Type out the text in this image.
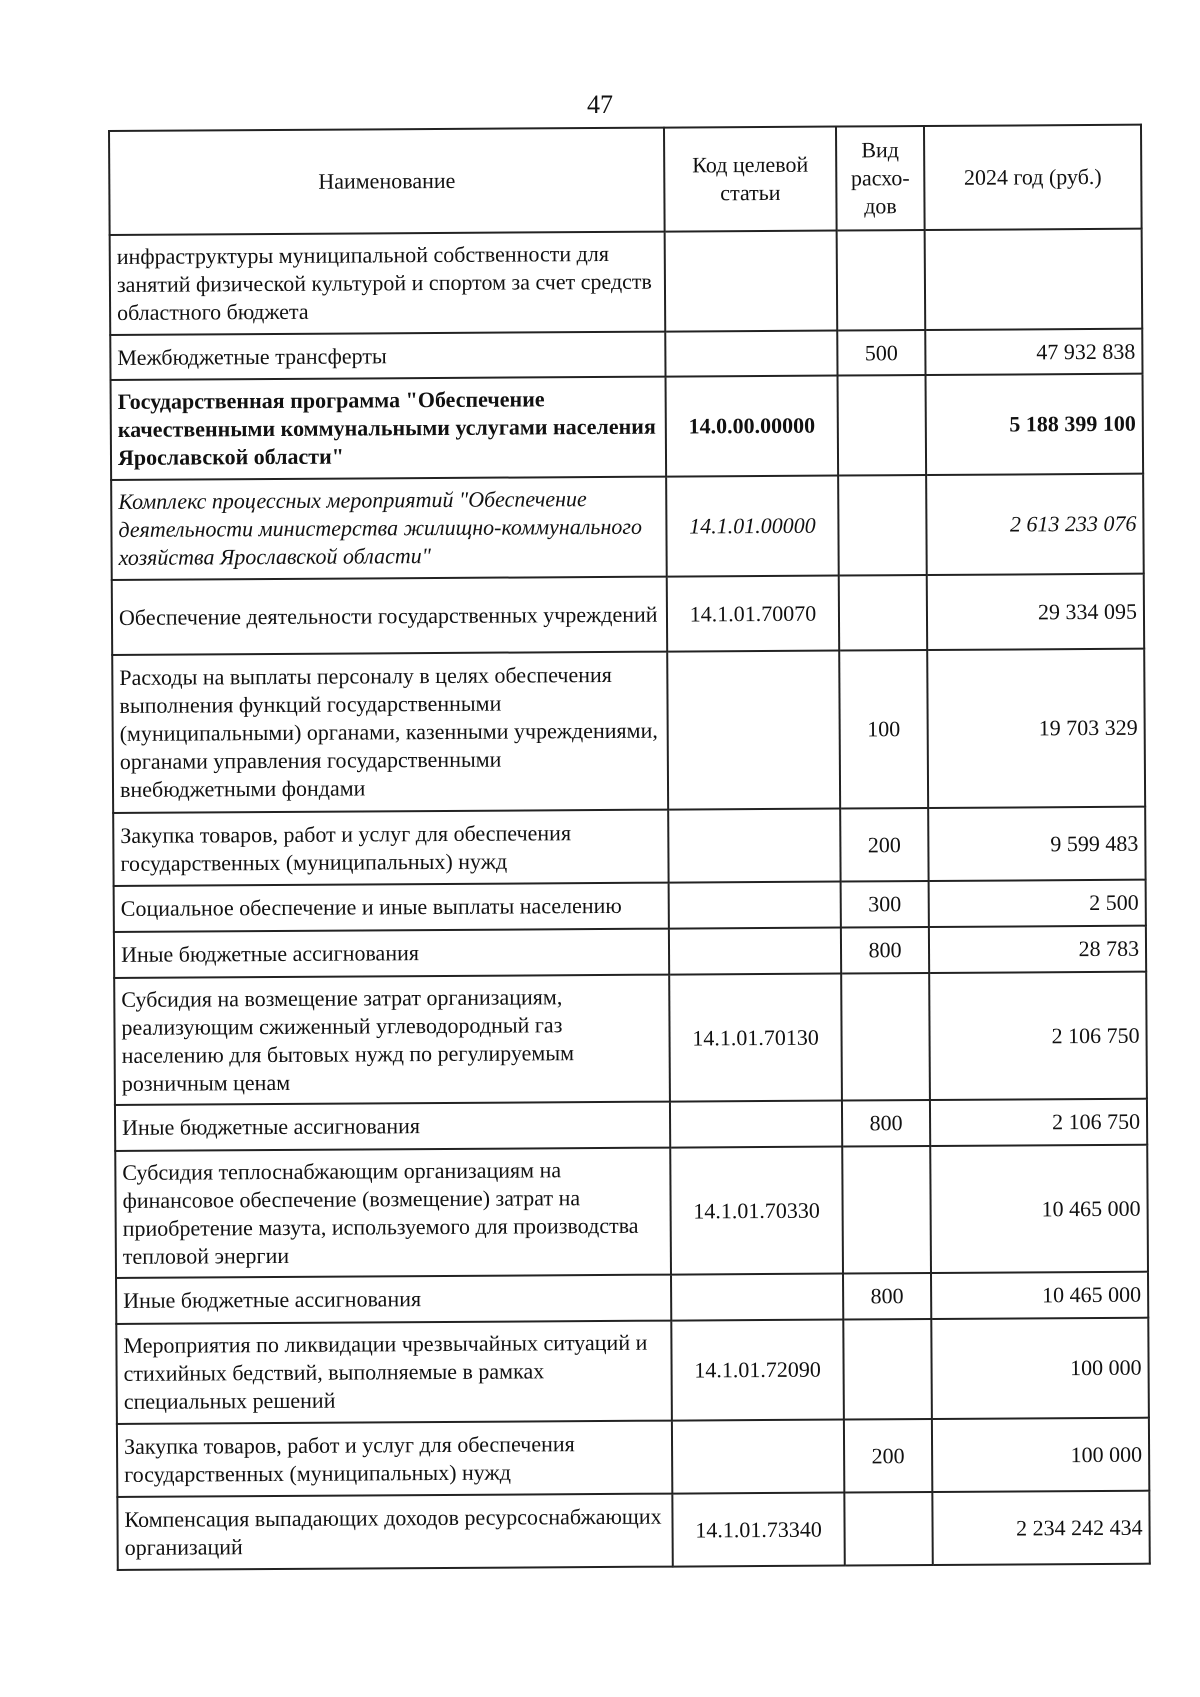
47
Наименование	Код целевой статьи	Вид расхо-дов	2024 год (руб.)
инфраструктуры муниципальной собственности для занятий физической культурой и спортом за счет средств областного бюджета			
Межбюджетные трансферты		500	47 932 838
Государственная программа "Обеспечение качественными коммунальными услугами населения Ярославской области"	14.0.00.00000		5 188 399 100
Комплекс процессных мероприятий "Обеспечение деятельности министерства жилищно-коммунального хозяйства Ярославской области"	14.1.01.00000		2 613 233 076
Обеспечение деятельности государственных учреждений	14.1.01.70070		29 334 095
Расходы на выплаты персоналу в целях обеспечения выполнения функций государственными (муниципальными) органами, казенными учреждениями, органами управления государственными внебюджетными фондами		100	19 703 329
Закупка товаров, работ и услуг для обеспечения государственных (муниципальных) нужд		200	9 599 483
Социальное обеспечение и иные выплаты населению		300	2 500
Иные бюджетные ассигнования		800	28 783
Субсидия на возмещение затрат организациям, реализующим сжиженный углеводородный газ населению для бытовых нужд по регулируемым розничным ценам	14.1.01.70130		2 106 750
Иные бюджетные ассигнования		800	2 106 750
Субсидия теплоснабжающим организациям на финансовое обеспечение (возмещение) затрат на приобретение мазута, используемого для производства тепловой энергии	14.1.01.70330		10 465 000
Иные бюджетные ассигнования		800	10 465 000
Мероприятия по ликвидации чрезвычайных ситуаций и стихийных бедствий, выполняемые в рамках специальных решений	14.1.01.72090		100 000
Закупка товаров, работ и услуг для обеспечения государственных (муниципальных) нужд		200	100 000
Компенсация выпадающих доходов ресурсоснабжающих организаций	14.1.01.73340		2 234 242 434
